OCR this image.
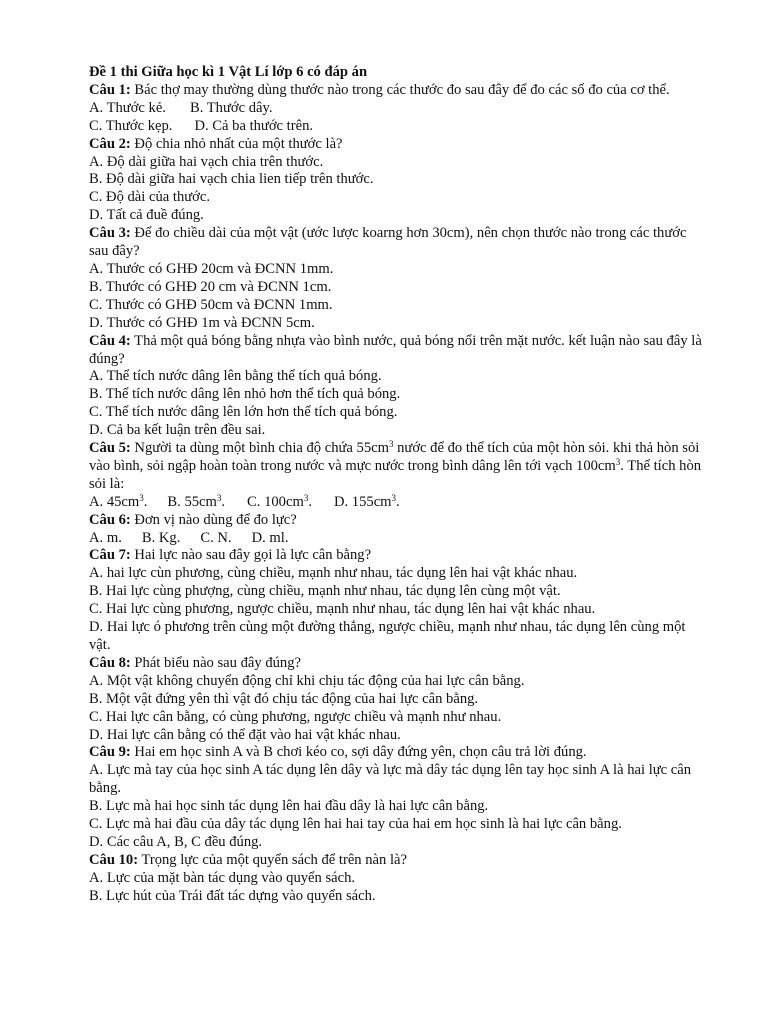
Đề 1 thi Giữa học kì 1 Vật Lí lớp 6 có đáp án

Câu 1: Bác thợ may thường dùng thước nào trong các thước đo sau đây để đo các số đo của cơ thể.

A. Thước kẻ. B. Thước dây.

C. Thước kẹp. D. Cả ba thước trên.

Câu 2: Độ chia nhỏ nhất của một thước là?

A. Độ dài giữa hai vạch chia trên thước.

B. Độ dài giữa hai vạch chia lien tiếp trên thước.

C. Độ dài của thước.

D. Tất cả đuề đúng.

Câu 3: Để đo chiều dài của một vật (ước lược koarng hơn 30cm), nên chọn thước nào trong các thước sau đây?

A. Thước có GHĐ 20cm và ĐCNN 1mm.

B. Thước có GHĐ 20 cm và ĐCNN 1cm.

C. Thước có GHĐ 50cm và ĐCNN 1mm.

D. Thước có GHĐ 1m và ĐCNN 5cm.

Câu 4: Thả một quả bóng bằng nhựa vào bình nước, quả bóng nổi trên mặt nước. kết luận nào sau đây là đúng?

A. Thể tích nước dâng lên bằng thể tích quả bóng.

B. Thể tích nước dâng lên nhỏ hơn thể tích quả bóng.

C. Thể tích nước dâng lên lớn hơn thể tích quả bóng.

D. Cả ba kết luận trên đều sai.

Câu 5: Người ta dùng một bình chia độ chứa $55cm^3$ nước để đo thể tích của một hòn sỏi. khi thả hòn sỏi vào bình, sỏi ngập hoàn toàn trong nước và mực nước trong bình dâng lên tới vạch $100cm^3$. Thể tích hòn sỏi là:

A. $45cm^3$. B. $55cm^3$. C. $100cm^3$. D. $155cm^3$.

Câu 6: Đơn vị nào dùng để đo lực?

A. m. B. Kg. C. N. D. ml.

Câu 7: Hai lực nào sau đây gọi là lực cân bằng?

A. hai lực cùn phương, cùng chiều, mạnh như nhau, tác dụng lên hai vật khác nhau.

B. Hai lực cùng phượng, cùng chiều, mạnh như nhau, tác dụng lên cùng một vật.

C. Hai lực cùng phương, ngược chiều, mạnh như nhau, tác dụng lên hai vật khác nhau.

D. Hai lực ó phương trên cùng một đường thẳng, ngược chiều, mạnh như nhau, tác dụng lên cùng một vật.

Câu 8: Phát biểu nào sau đây đúng?

A. Một vật không chuyển động chỉ khi chịu tác động của hai lực cân bằng.

B. Một vật đứng yên thì vật đó chịu tác động của hai lực cân bằng.

C. Hai lực cân bằng, có cùng phương, ngược chiều và mạnh như nhau.

D. Hai lực cân bằng có thể đặt vào hai vật khác nhau.

Câu 9: Hai em học sinh A và B chơi kéo co, sợi dây đứng yên, chọn câu trả lời đúng.

A. Lực mà tay của học sinh A tác dụng lên dây và lực mà dây tác dụng lên tay học sinh A là hai lực cân bằng.

B. Lực mà hai học sinh tác dụng lên hai đầu dây là hai lực cân bằng.

C. Lực mà hai đầu của dây tác dụng lên hai hai tay của hai em học sinh là hai lực cân bằng.

D. Các câu A, B, C đều đúng.

Câu 10: Trọng lực của một quyển sách để trên nàn là?

A. Lực của mặt bàn tác dụng vào quyển sách.

B. Lực hút của Trái đất tác dựng vào quyển sách.
